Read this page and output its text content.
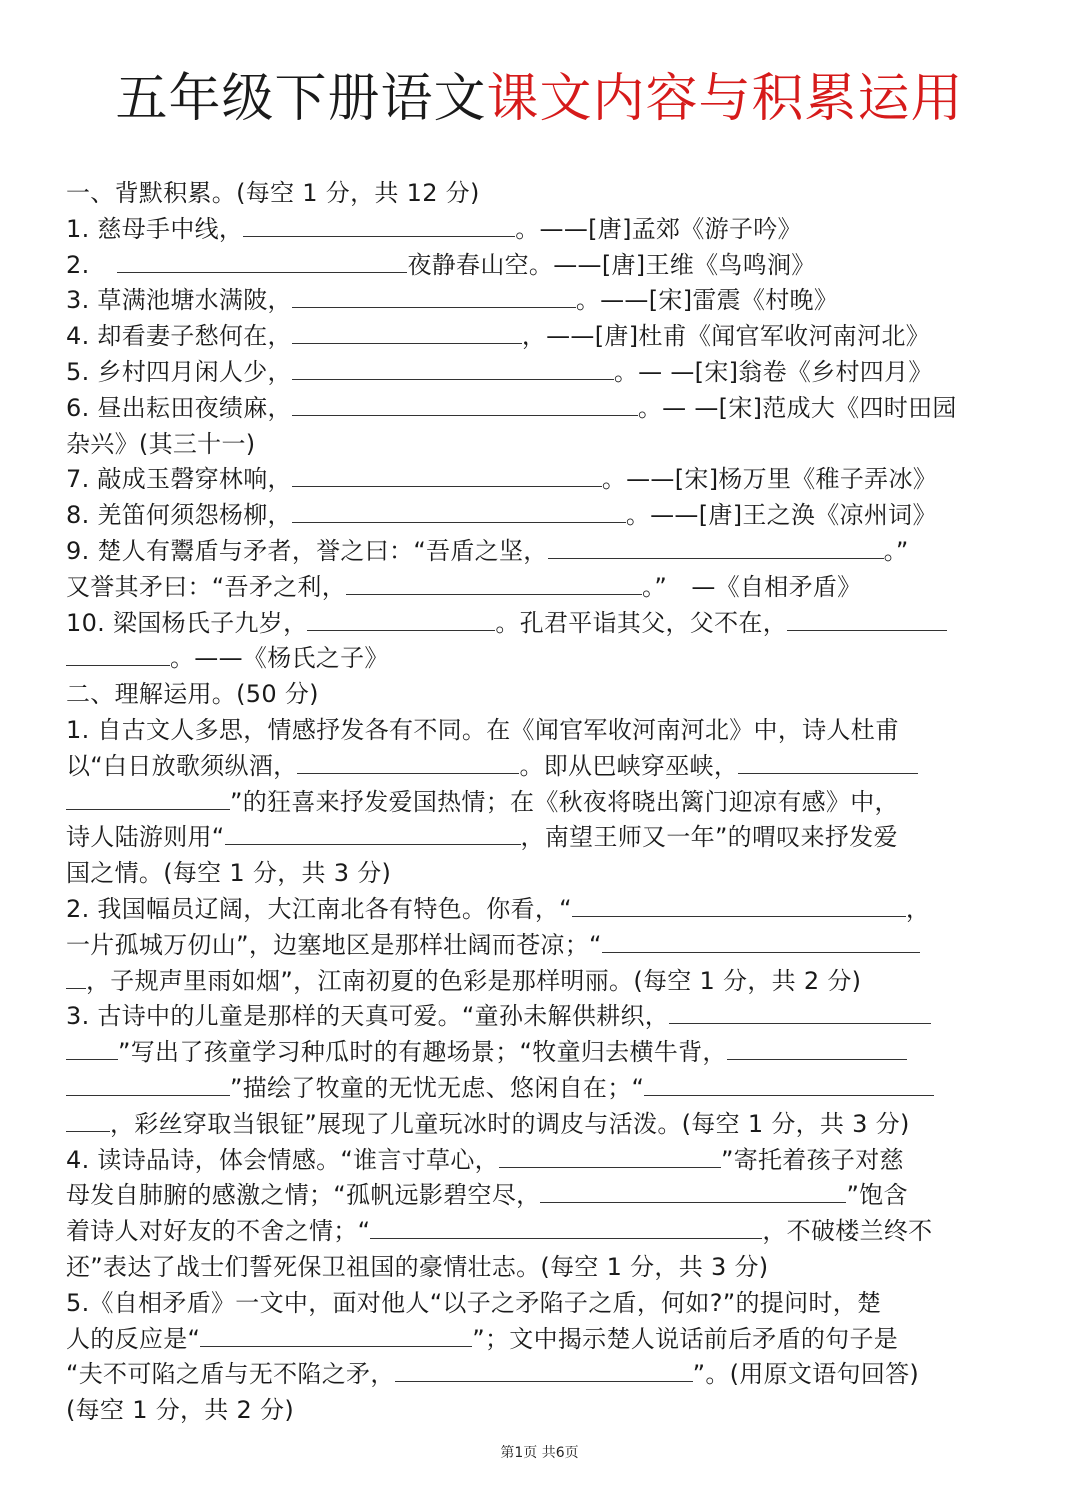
五年级下册语文课文内容与积累运用
一、背默积累。(每空 1 分，共 12 分)
1. 慈母手中线，	。——[唐]孟郊《游子吟》
2.	夜静春山空。——[唐]王维《鸟鸣涧》
3. 草满池塘水满陂，	。——[宋]雷震《村晚》
4. 却看妻子愁何在，	，——[唐]杜甫《闻官军收河南河北》
5. 乡村四月闲人少，	。— —[宋]翁卷《乡村四月》
6. 昼出耘田夜绩麻，	。— —[宋]范成大《四时田园
杂兴》(其三十一)
7. 敲成玉磬穿林响，	。——[宋]杨万里《稚子弄冰》
8. 羌笛何须怨杨柳，	。——[唐]王之涣《凉州词》
9. 楚人有鬻盾与矛者，誉之曰：“吾盾之坚，	。”
又誉其矛曰：“吾矛之利，	。”　—《自相矛盾》
10. 梁国杨氏子九岁，	。孔君平诣其父，父不在，
。——《杨氏之子》
二、理解运用。(50 分)
1. 自古文人多思，情感抒发各有不同。在《闻官军收河南河北》中，诗人杜甫
以“白日放歌须纵酒，	。即从巴峡穿巫峡，
”的狂喜来抒发爱国热情；在《秋夜将晓出篱门迎凉有感》中，
诗人陆游则用“	，南望王师又一年”的喟叹来抒发爱
国之情。(每空 1 分，共 3 分)
2. 我国幅员辽阔，大江南北各有特色。你看，“	，
一片孤城万仞山”，边塞地区是那样壮阔而苍凉；“
，子规声里雨如烟”，江南初夏的色彩是那样明丽。(每空 1 分，共 2 分)
3. 古诗中的儿童是那样的天真可爱。“童孙未解供耕织，
”写出了孩童学习种瓜时的有趣场景；“牧童归去横牛背，
”描绘了牧童的无忧无虑、悠闲自在；“
，彩丝穿取当银钲”展现了儿童玩冰时的调皮与活泼。(每空 1 分，共 3 分)
4. 读诗品诗，体会情感。“谁言寸草心，	”寄托着孩子对慈
母发自肺腑的感激之情；“孤帆远影碧空尽，	”饱含
着诗人对好友的不舍之情；“	，不破楼兰终不
还”表达了战士们誓死保卫祖国的豪情壮志。(每空 1 分，共 3 分)
5.《自相矛盾》一文中，面对他人“以子之矛陷子之盾，何如?”的提问时，楚
人的反应是“	”；文中揭示楚人说话前后矛盾的句子是
“夫不可陷之盾与无不陷之矛，	”。(用原文语句回答)
(每空 1 分，共 2 分)
第1页 共6页
